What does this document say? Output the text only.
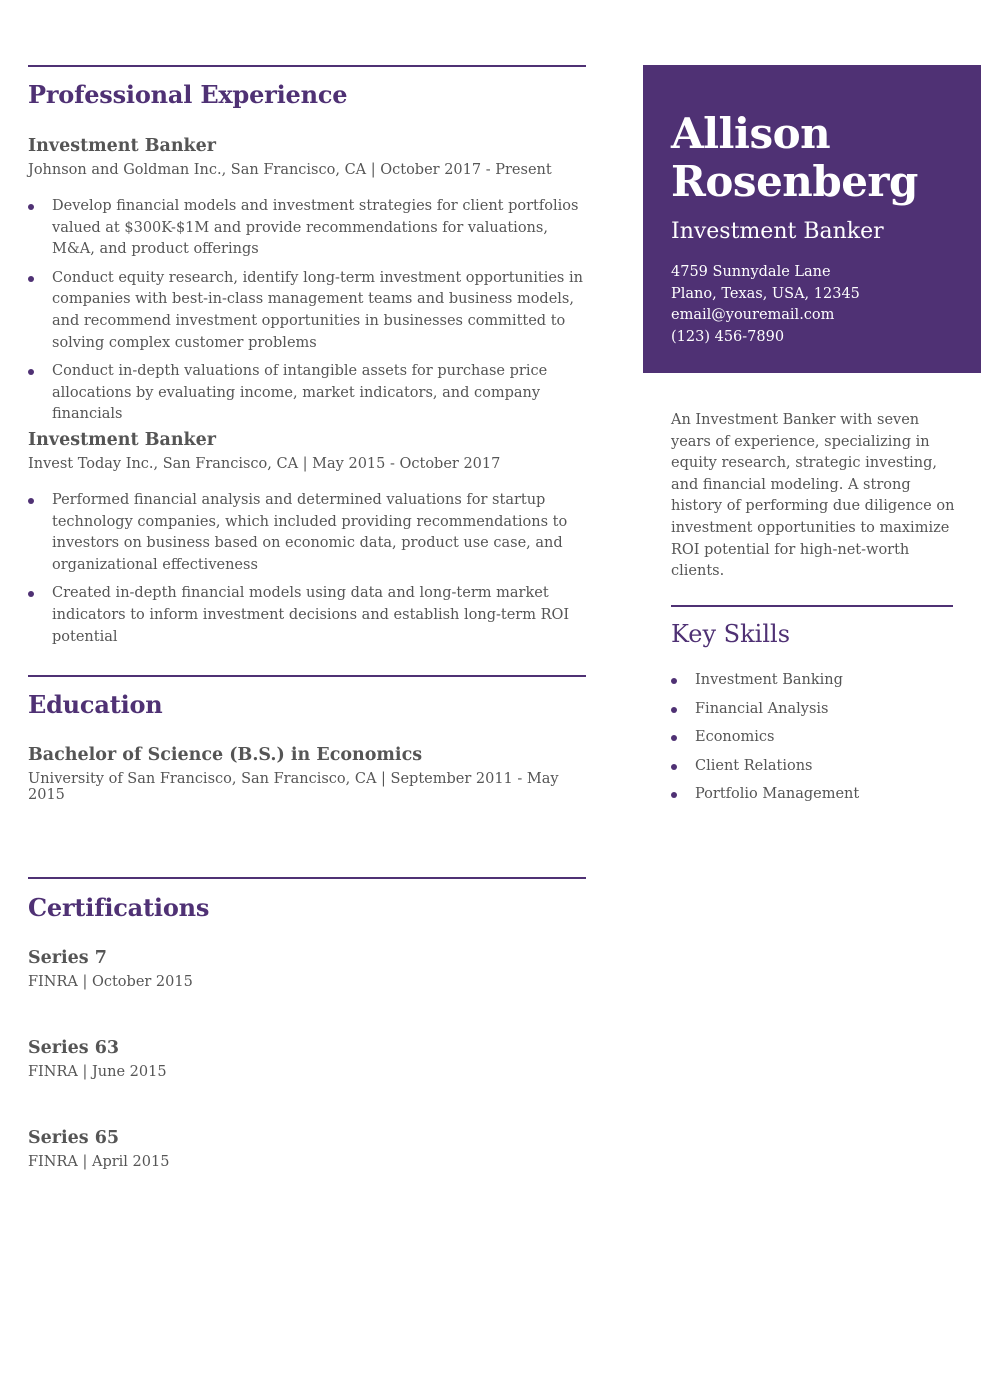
Professional Experience
Investment Banker

Johnson and Goldman Inc., San Francisco, CA | October 2017 - Present

Develop financial models and investment strategies for client portfolios valued at $300K-$1M and provide recommendations for valuations, M&A, and product offerings
Conduct equity research, identify long-term investment opportunities in companies with best-in-class management teams and business models, and recommend investment opportunities in businesses committed to solving complex customer problems
Conduct in-depth valuations of intangible assets for purchase price allocations by evaluating income, market indicators, and company financials
Investment Banker

Invest Today Inc., San Francisco, CA | May 2015 - October 2017

Performed financial analysis and determined valuations for startup technology companies, which included providing recommendations to investors on business based on economic data, product use case, and organizational effectiveness
Created in-depth financial models using data and long-term market indicators to inform investment decisions and establish long-term ROI potential
Education
Bachelor of Science (B.S.) in Economics

University of San Francisco, San Francisco, CA | September 2011 - May 2015

Certifications
Series 7

FINRA | October 2015

Series 63

FINRA | June 2015

Series 65

FINRA | April 2015

Allison
Rosenberg

Investment Banker

4759 Sunnydale Lane
Plano, Texas, USA, 12345
email@youremail.com
(123) 456-7890

An Investment Banker with seven years of experience, specializing in equity research, strategic investing, and financial modeling. A strong history of performing due diligence on investment opportunities to maximize ROI potential for high-net-worth clients.

Key Skills
Investment Banking
Financial Analysis
Economics
Client Relations
Portfolio Management
